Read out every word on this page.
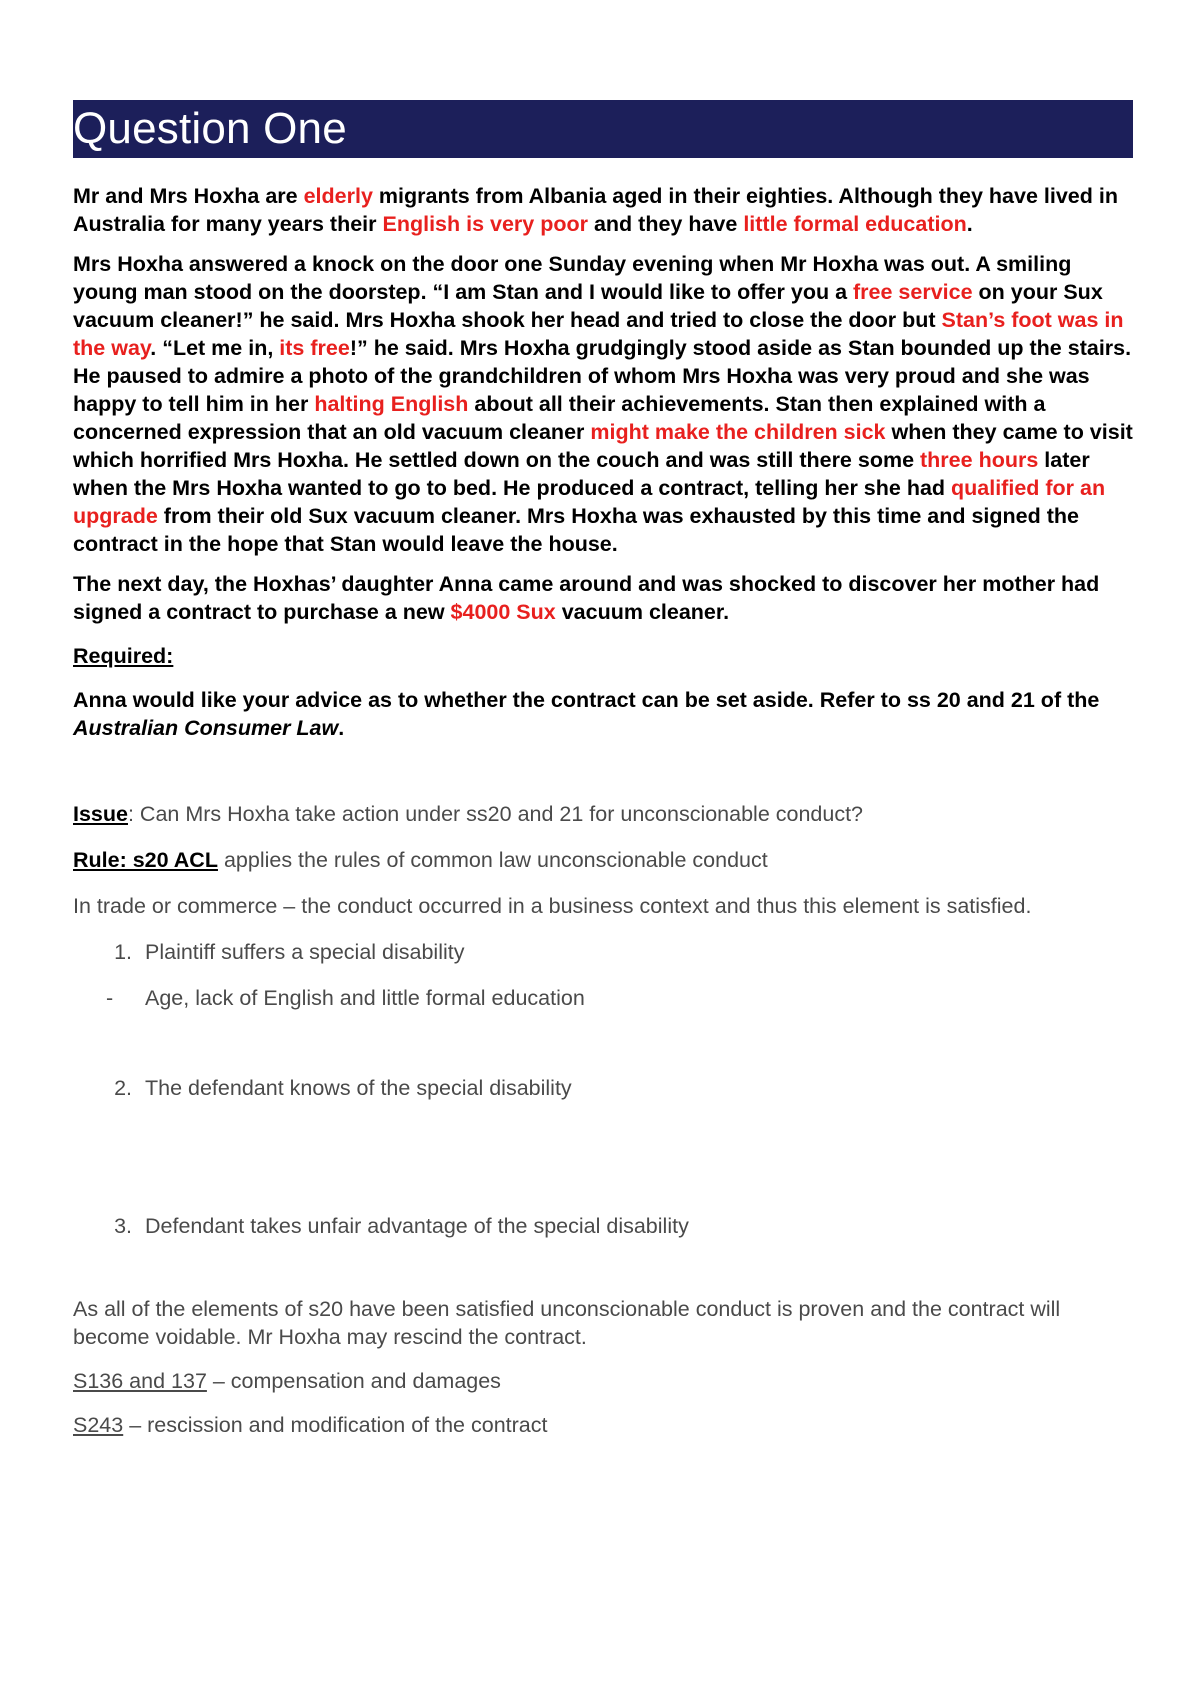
Question One

Mr and Mrs Hoxha are elderly migrants from Albania aged in their eighties. Although they have lived in Australia for many years their English is very poor and they have little formal education.

Mrs Hoxha answered a knock on the door one Sunday evening when Mr Hoxha was out. A smiling young man stood on the doorstep. “I am Stan and I would like to offer you a free service on your Sux vacuum cleaner!” he said. Mrs Hoxha shook her head and tried to close the door but Stan’s foot was in the way. “Let me in, its free!” he said. Mrs Hoxha grudgingly stood aside as Stan bounded up the stairs. He paused to admire a photo of the grandchildren of whom Mrs Hoxha was very proud and she was happy to tell him in her halting English about all their achievements. Stan then explained with a concerned expression that an old vacuum cleaner might make the children sick when they came to visit which horrified Mrs Hoxha. He settled down on the couch and was still there some three hours later when the Mrs Hoxha wanted to go to bed. He produced a contract, telling her she had qualified for an upgrade from their old Sux vacuum cleaner. Mrs Hoxha was exhausted by this time and signed the contract in the hope that Stan would leave the house.

The next day, the Hoxhas’ daughter Anna came around and was shocked to discover her mother had signed a contract to purchase a new $4000 Sux vacuum cleaner.

Required:

Anna would like your advice as to whether the contract can be set aside. Refer to ss 20 and 21 of the Australian Consumer Law.

Issue: Can Mrs Hoxha take action under ss20 and 21 for unconscionable conduct?

Rule: s20 ACL applies the rules of common law unconscionable conduct

In trade or commerce – the conduct occurred in a business context and thus this element is satisfied.

1. Plaintiff suffers a special disability
-	Age, lack of English and little formal education
2. The defendant knows of the special disability
3. Defendant takes unfair advantage of the special disability

As all of the elements of s20 have been satisfied unconscionable conduct is proven and the contract will become voidable. Mr Hoxha may rescind the contract.

S136 and 137 – compensation and damages

S243 – rescission and modification of the contract
